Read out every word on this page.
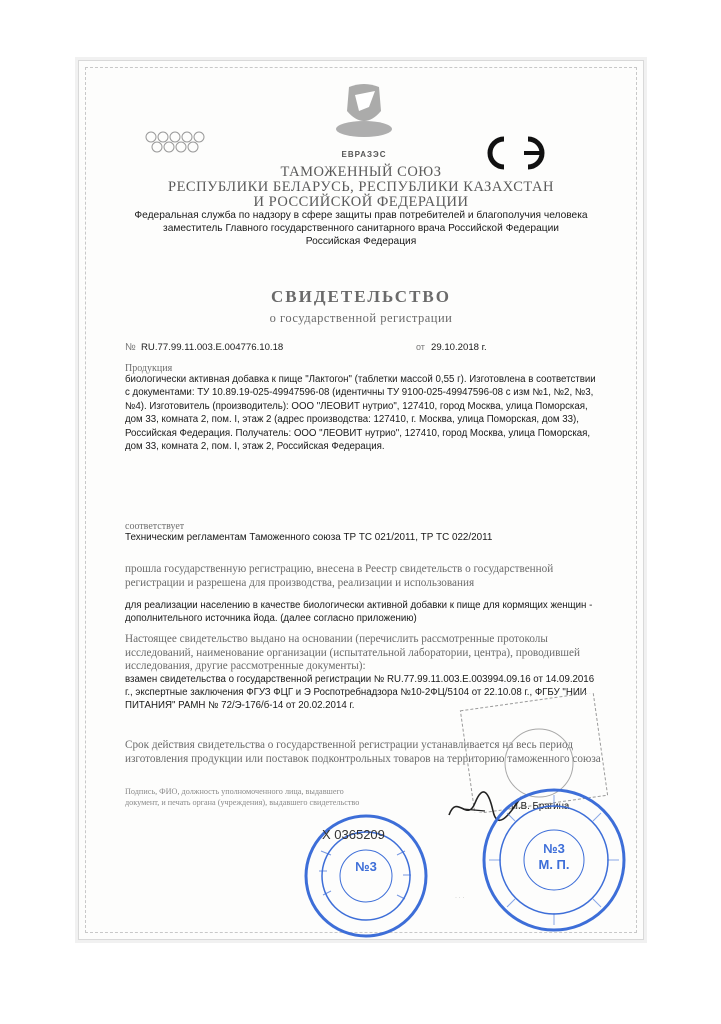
ЕВРАЗЭС
ТАМОЖЕННЫЙ СОЮЗ
РЕСПУБЛИКИ БЕЛАРУСЬ, РЕСПУБЛИКИ КАЗАХСТАН
И РОССИЙСКОЙ ФЕДЕРАЦИИ
Федеральная служба по надзору в сфере защиты прав потребителей и благополучия человека
заместитель Главного государственного санитарного врача Российской Федерации
Российская Федерация
СВИДЕТЕЛЬСТВО
о государственной регистрации
№ RU.77.99.11.003.Е.004776.10.18	от 29.10.2018 г.
Продукция
биологически активная добавка к пище "Лактогон" (таблетки массой 0,55 г). Изготовлена в соответствии с документами: ТУ 10.89.19-025-49947596-08 (идентичны ТУ 9100-025-49947596-08 с изм №1, №2, №3, №4). Изготовитель (производитель): ООО "ЛЕОВИТ нутрио", 127410, город Москва, улица Поморская, дом 33, комната 2, пом. I, этаж 2 (адрес производства: 127410, г. Москва, улица Поморская, дом 33), Российская Федерация. Получатель: ООО "ЛЕОВИТ нутрио", 127410, город Москва, улица Поморская, дом 33, комната 2, пом. I, этаж 2, Российская Федерация.
соответствует
Техническим регламентам Таможенного союза ТР ТС 021/2011, ТР ТС 022/2011
прошла государственную регистрацию, внесена в Реестр свидетельств о государственной регистрации и разрешена для производства, реализации и использования
для реализации населению в качестве биологически активной добавки к пище для кормящих женщин - дополнительного источника йода. (далее согласно приложению)
Настоящее свидетельство выдано на основании (перечислить рассмотренные протоколы исследований, наименование организации (испытательной лаборатории, центра), проводившей исследования, другие рассмотренные документы):
взамен свидетельства о государственной регистрации № RU.77.99.11.003.Е.003994.09.16 от 14.09.2016 г., экспертные заключения ФГУЗ ФЦГ и Э Роспотребнадзора №10-2ФЦ/5104 от 22.10.08 г., ФГБУ "НИИ ПИТАНИЯ" РАМН № 72/Э-176/б-14 от 20.02.2014 г.
Срок действия свидетельства о государственной регистрации устанавливается на весь период изготовления продукции или поставок подконтрольных товаров на территорию таможенного союза
Подпись, ФИО, должность уполномоченного лица, выдавшего документ, и печать органа (учреждения), выдавшего свидетельство	И.В. Брагина
№3
X 0365209
№3
М. П.
· · ·
